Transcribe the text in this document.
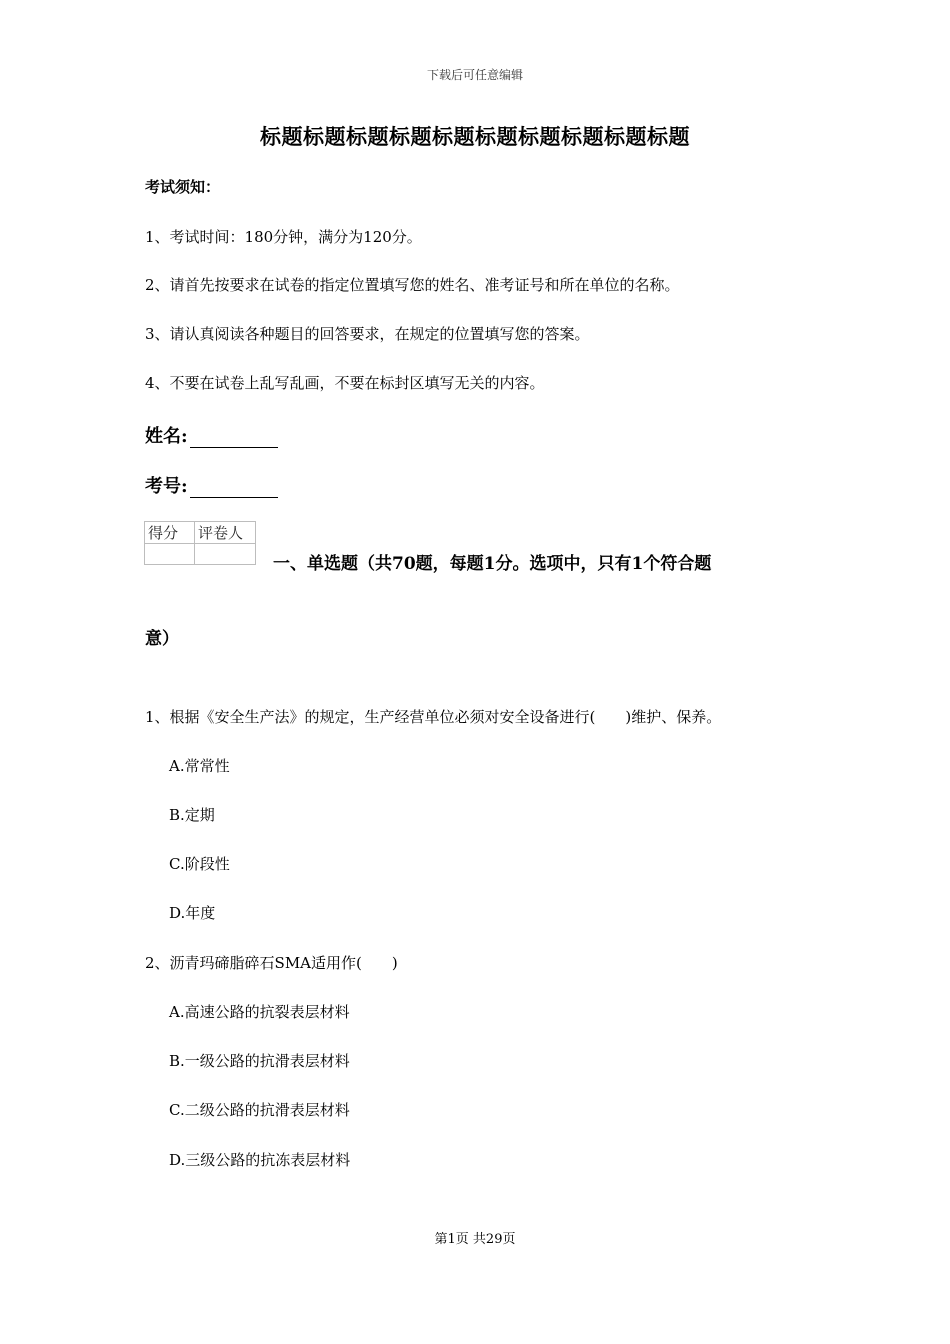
下载后可任意编辑
标题标题标题标题标题标题标题标题标题标题
考试须知：
1、考试时间：180分钟，满分为120分。
2、请首先按要求在试卷的指定位置填写您的姓名、准考证号和所在单位的名称。
3、请认真阅读各种题目的回答要求，在规定的位置填写您的答案。
4、不要在试卷上乱写乱画，不要在标封区填写无关的内容。
姓名:
考号:
得分	评卷人

一、单选题（共70题，每题1分。选项中，只有1个符合题
意）
1、根据《安全生产法》的规定，生产经营单位必须对安全设备进行(　　)维护、保养。
A.常常性
B.定期
C.阶段性
D.年度
2、沥青玛碲脂碎石SMA适用作(　　)
A.高速公路的抗裂表层材料
B.一级公路的抗滑表层材料
C.二级公路的抗滑表层材料
D.三级公路的抗冻表层材料
第1页 共29页
